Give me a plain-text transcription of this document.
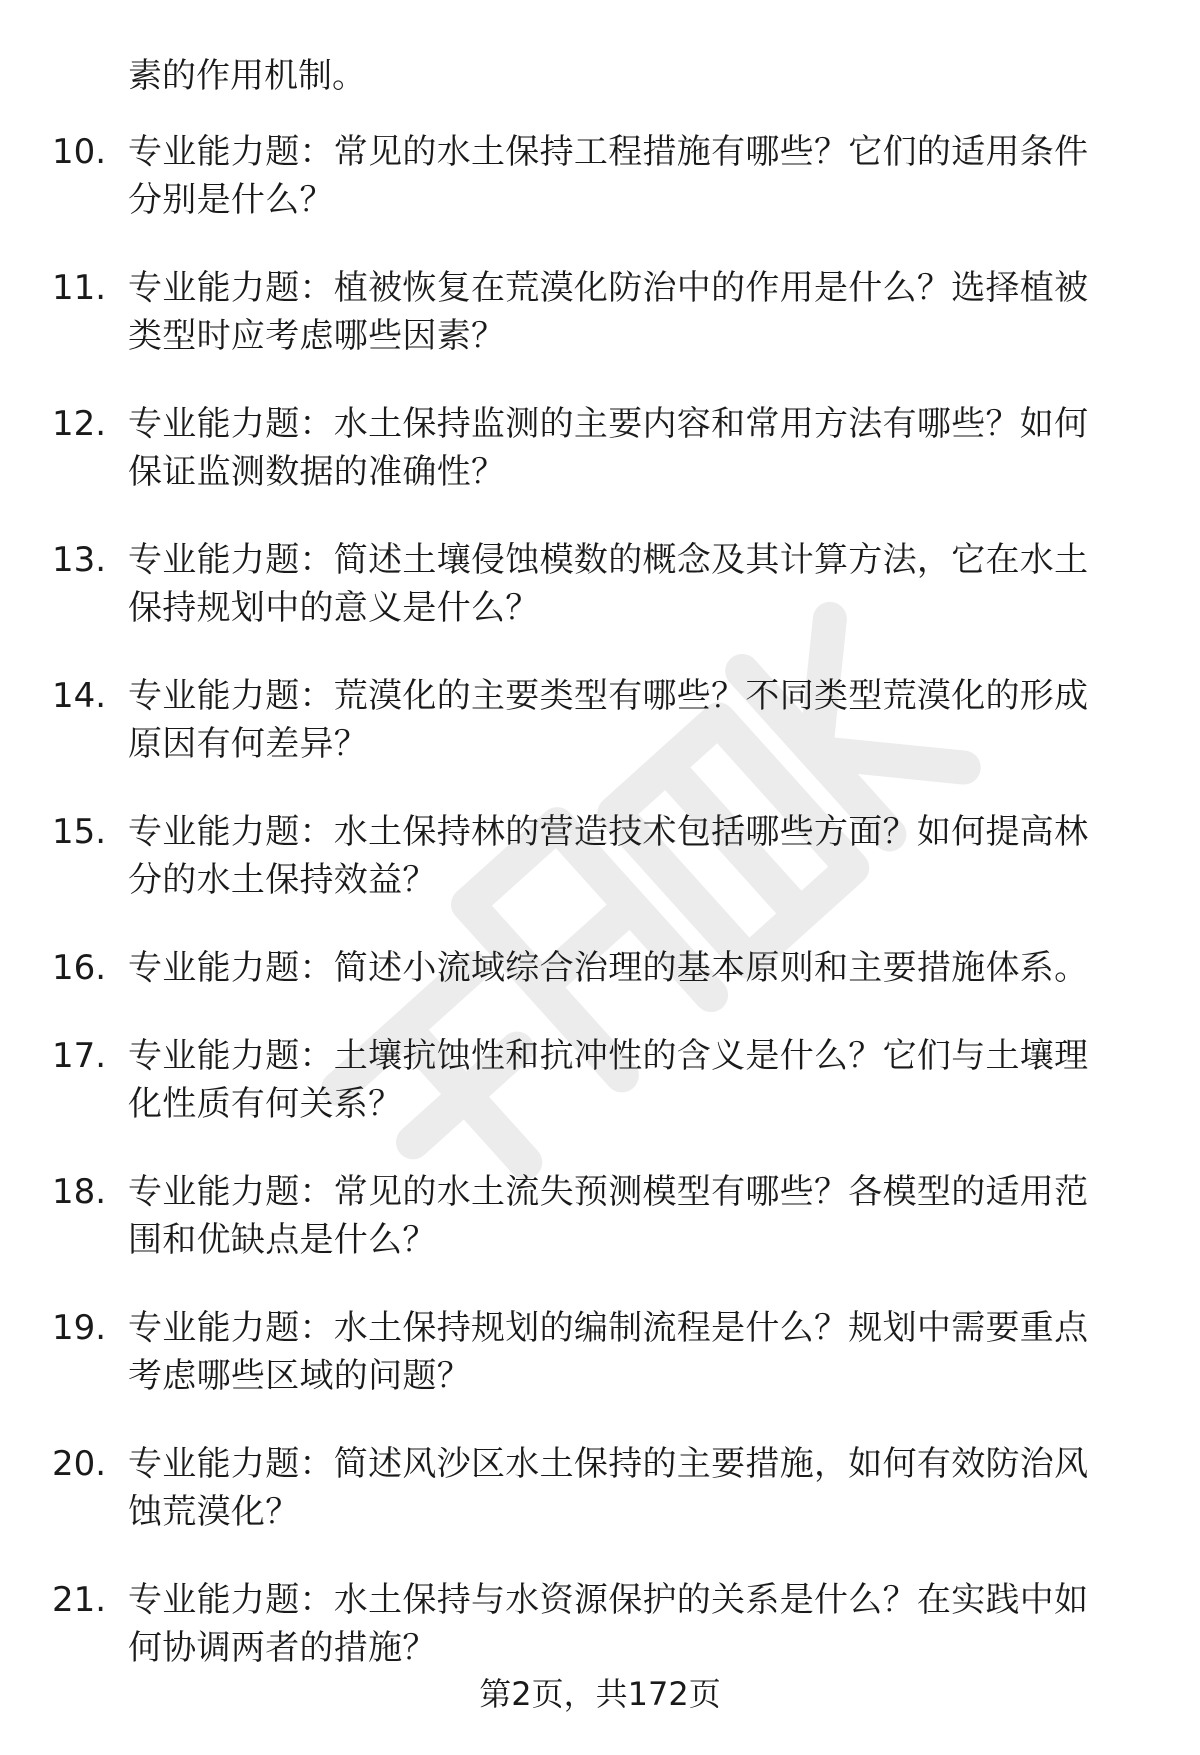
素的作用机制。

10. 专业能力题：常见的水土保持工程措施有哪些？它们的适用条件
分别是什么？
11. 专业能力题：植被恢复在荒漠化防治中的作用是什么？选择植被
类型时应考虑哪些因素？
12. 专业能力题：水土保持监测的主要内容和常用方法有哪些？如何
保证监测数据的准确性？
13. 专业能力题：简述土壤侵蚀模数的概念及其计算方法，它在水土
保持规划中的意义是什么？
14. 专业能力题：荒漠化的主要类型有哪些？不同类型荒漠化的形成
原因有何差异？
15. 专业能力题：水土保持林的营造技术包括哪些方面？如何提高林
分的水土保持效益？
16. 专业能力题：简述小流域综合治理的基本原则和主要措施体系。
17. 专业能力题：土壤抗蚀性和抗冲性的含义是什么？它们与土壤理
化性质有何关系？
18. 专业能力题：常见的水土流失预测模型有哪些？各模型的适用范
围和优缺点是什么？
19. 专业能力题：水土保持规划的编制流程是什么？规划中需要重点
考虑哪些区域的问题？
20. 专业能力题：简述风沙区水土保持的主要措施，如何有效防治风
蚀荒漠化？
21. 专业能力题：水土保持与水资源保护的关系是什么？在实践中如
何协调两者的措施？
第2页，共172页
